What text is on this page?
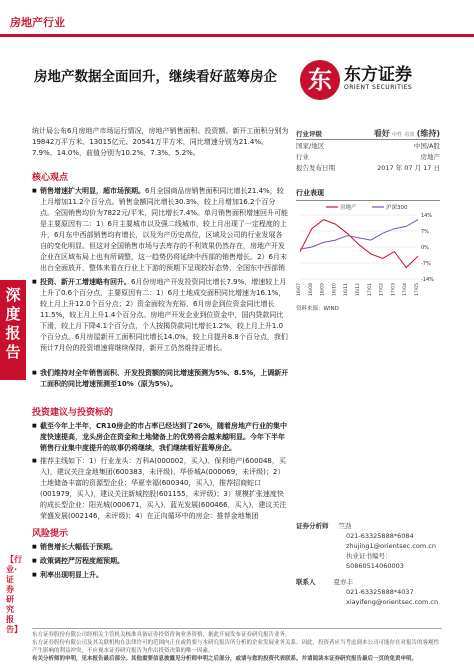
房地产行业
房地产数据全面回升，继续看好蓝筹房企	东 东方证券
ORIENT SECURITIES
深度报告
【行业·证券研究报告】
统计局公布6月房地产市场运行情况，房地产销售面积、投资额、新开工面积分别为19842万平方米、13015亿元、20541万平方米，同比增速分别为21.4%、7.9%、14.0%，前值分别为10.2%、7.3%、5.2%。
核心观点
■ 销售增速扩大明显，超市场预期。6月全国商品房销售面积同比增长21.4%，较上月增加11.2个百分点。销售金额同比增长30.3%，较上月增加16.2个百分点。全国销售均价为7822元/平米，同比增长7.4%。单月销售面积增速回升可能是主要原因有二：1）6月主要城市以及强二线城市，较上月出现了一定程度的上升，6月东中西部销售均有增长，以及为产历史高位，区域及公司的行业发展各自的变化明显。但这对全国销售市场与去库存的不利效果仍然存在，房地产开发企业在区域布局上也有所调整，这一趋势仍将延续中西部的销售增长。2）6月末出台全面放开，整体来看在行业上下游的预期下呈现较好态势，全国东中西部销
■ 投资、新开工增速略有回升。6月份房地产开发投资同比增长7.9%，增速较上月上升了0.6个百分点，主要原因有二：1）6月土地成交面积同比增速为16.1%，较上月上升12.0个百分点；2）资金面较为充裕，6月房企到位资金同比增长11.5%，较上月上升1.4个百分点。房地产开发企业到位资金中，国内贷款同比下滑，较上月下降4.1个百分点，个人按揭贷款同比增长1.2%，较上月上升1.0个百分点。6月房屋新开工面积同比增长14.0%，较上月提升8.8个百分点，我们预计7月份的投资增速将继续保持，新开工仍然维持正增长。
■ 我们维持对全年销售面积、开发投资额的同比增速预测为5%、8.5%，上调新开工面积的同比增速预测至10%（原为5%）。
投资建议与投资标的
■ 截至今年上半年，CR10房企的市占率已经达到了26%，随着房地产行业的集中度快速提高，龙头房企在资金和土地储备上的优势将会越来越明显。今年下半年销售行业集中度提升的故事仍将继续，我们继续看好蓝筹房企。
■ 推荐主线如下：1）行业龙头：万科A(000002，买入)、保利地产(600048，买入)，建议关注金地集团(600383，未评级)、华侨城A(000069，未评级)；2）土地储备丰富的资源型企业：华夏幸福(600340，买入)，推荐招商蛇口(001979，买入)，建议关注新城控股(601155，未评级)；3）规模扩张速度快的成长型企业：阳光城(000671，买入)、蓝光发展(600466，买入)，建议关注荣盛发展(002146，未评级)；4）在正向循环中的房企：推荐金地集团
风险提示
■ 销售增长大幅低于预期。
■ 政策调控严厉程度超预期。
■ 利率出现明显上升。
行业评级	看好 中性 看淡 (维持)
国家/地区	中国/A股
行业	房地产
报告发布日期	2017 年 07 月 17 日
行业表现
房地产	沪深300
14%
7%
0%
-7%
-14%
16/07 16/08 16/09 16/10 16/11 16/12 17/01 17/02 17/03 17/04 17/05
资料来源：WIND
证券分析师 竺劲
021-63325888*6084
zhujing1@orientsec.com.cn
执业证书编号：S0860514060003
联系人	夏亦丰
021-63325888*4037
xiayifeng@orientsec.com.cn
东方证券股份有限公司经相关主管机关核准具备证券投资咨询业务资格，据此开展发布证券研究报告业务。
东方证券股份有限公司及其关联机构在法律许可的范围内正在或将要与本研究报告所分析的企业发展业务关系。因此，投资者应当考虑到本公司可能存在对报告的客观性产生影响的利益冲突，不应视本证券研究报告为作出投资决策的唯一因素。
有关分析师的申明，见本报告最后部分。其他重要信息披露见分析师申明之后部分，或请与您的投资代表联系。并请阅读本证券研究报告最后一页的免责申明。
